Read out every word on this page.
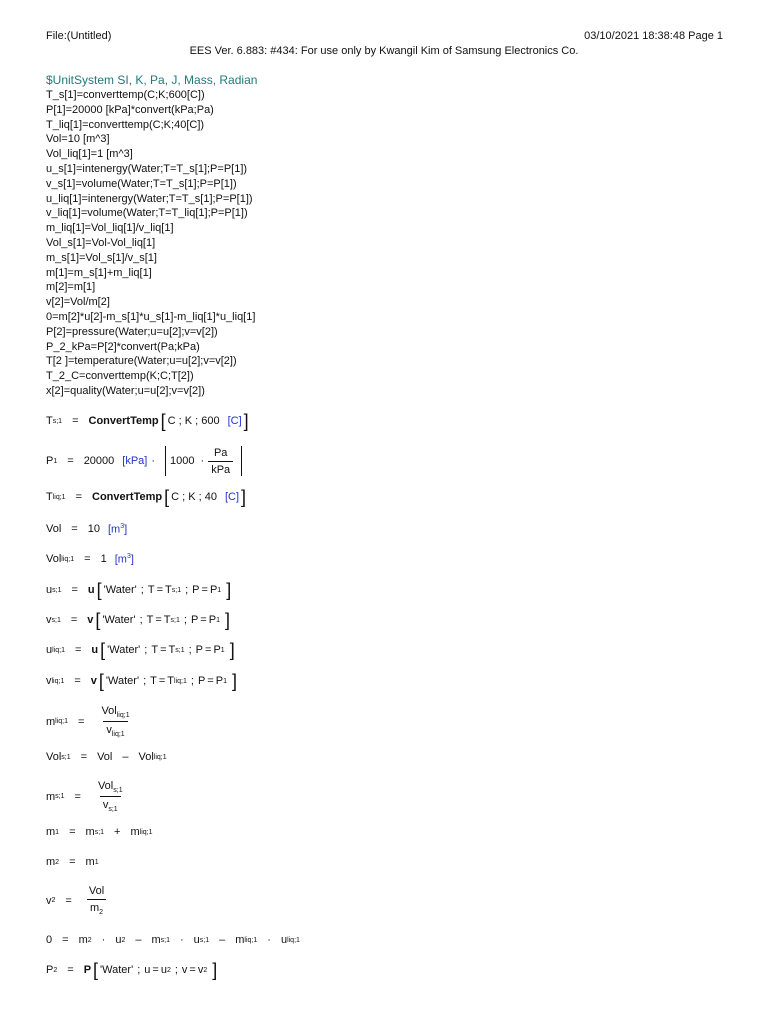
File:(Untitled)	03/10/2021 18:38:48 Page 1
EES Ver. 6.883: #434: For use only by Kwangil Kim of Samsung Electronics Co.
$UnitSystem SI, K, Pa, J, Mass, Radian
T_s[1]=converttemp(C;K;600[C])
P[1]=20000 [kPa]*convert(kPa;Pa)
T_liq[1]=converttemp(C;K;40[C])
Vol=10 [m^3]
Vol_liq[1]=1 [m^3]
u_s[1]=intenergy(Water;T=T_s[1];P=P[1])
v_s[1]=volume(Water;T=T_s[1];P=P[1])
u_liq[1]=intenergy(Water;T=T_s[1];P=P[1])
v_liq[1]=volume(Water;T=T_liq[1];P=P[1])
m_liq[1]=Vol_liq[1]/v_liq[1]
Vol_s[1]=Vol-Vol_liq[1]
m_s[1]=Vol_s[1]/v_s[1]
m[1]=m_s[1]+m_liq[1]
m[2]=m[1]
v[2]=Vol/m[2]
0=m[2]*u[2]-m_s[1]*u_s[1]-m_liq[1]*u_liq[1]
P[2]=pressure(Water;u=u[2];v=v[2])
P_2_kPa=P[2]*convert(Pa;kPa)
T[2 ]=temperature(Water;u=u[2];v=v[2])
T_2_C=converttemp(K;C;T[2])
x[2]=quality(Water;u=u[2];v=v[2])
T s;1 = ConvertTemp [ C ; K ; 600 [C] ]
P 1 = 20000 $[kPa] \cdot 1000 \cdot \frac{Pa}{\text{kPa}}$
T liq;1 = ConvertTemp [ C ; K ; 40 [C] ]
Vol = 10 $[m^3]$
Vol liq;1 = 1 $[m^3]$
u s;1 = u [ 'Water' ; T = T s;1 ; P = P 1 ]
v s;1 = v [ 'Water' ; T = T s;1 ; P = P 1 ]
u liq;1 = u [ 'Water' ; T = T s;1 ; P = P 1 ]
v liq;1 = v [ 'Water' ; T = T liq;1 ; P = P 1 ]
m liq;1 = $\frac{Vol_{liq;1}}{v_{liq;1}}$
Vol s;1 = Vol – Vol liq;1
m s;1 = $\frac{Vol_{s;1}}{v_{s;1}}$
m 1 = m s;1 + m liq;1
m 2 = m 1
v $2 = \frac{\text{Vol}}{m_2}$
0 = m 2 · u 2 – m s;1 · u s;1 – m liq;1 · u liq;1
P 2 = P [ 'Water' ; u = u 2 ; v = v 2 ]
